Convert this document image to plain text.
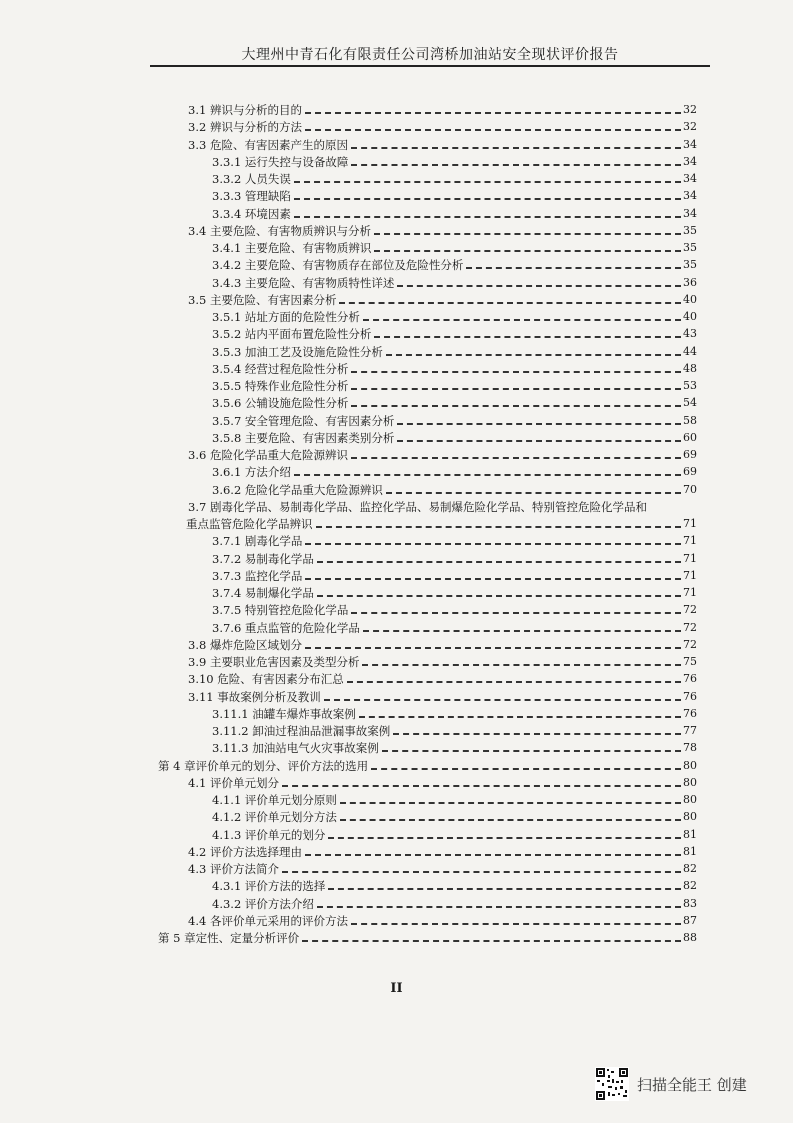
大理州中青石化有限责任公司湾桥加油站安全现状评价报告
3.1 辨识与分析的目的	32
3.2 辨识与分析的方法	32
3.3 危险、有害因素产生的原因	34
3.3.1 运行失控与设备故障	34
3.3.2 人员失误	34
3.3.3 管理缺陷	34
3.3.4 环境因素	34
3.4 主要危险、有害物质辨识与分析	35
3.4.1 主要危险、有害物质辨识	35
3.4.2 主要危险、有害物质存在部位及危险性分析	35
3.4.3 主要危险、有害物质特性详述	36
3.5 主要危险、有害因素分析	40
3.5.1 站址方面的危险性分析	40
3.5.2 站内平面布置危险性分析	43
3.5.3 加油工艺及设施危险性分析	44
3.5.4 经营过程危险性分析	48
3.5.5 特殊作业危险性分析	53
3.5.6 公辅设施危险性分析	54
3.5.7 安全管理危险、有害因素分析	58
3.5.8 主要危险、有害因素类别分析	60
3.6 危险化学品重大危险源辨识	69
3.6.1 方法介绍	69
3.6.2 危险化学品重大危险源辨识	70
3.7 剧毒化学品、易制毒化学品、监控化学品、易制爆危险化学品、特别管控危险化学品和
重点监管危险化学品辨识	71
3.7.1 剧毒化学品	71
3.7.2 易制毒化学品	71
3.7.3 监控化学品	71
3.7.4 易制爆化学品	71
3.7.5 特别管控危险化学品	72
3.7.6 重点监管的危险化学品	72
3.8 爆炸危险区域划分	72
3.9 主要职业危害因素及类型分析	75
3.10 危险、有害因素分布汇总	76
3.11 事故案例分析及教训	76
3.11.1 油罐车爆炸事故案例	76
3.11.2 卸油过程油品泄漏事故案例	77
3.11.3 加油站电气火灾事故案例	78
第 4 章评价单元的划分、评价方法的选用	80
4.1 评价单元划分	80
4.1.1 评价单元划分原则	80
4.1.2 评价单元划分方法	80
4.1.3 评价单元的划分	81
4.2 评价方法选择理由	81
4.3 评价方法简介	82
4.3.1 评价方法的选择	82
4.3.2 评价方法介绍	83
4.4 各评价单元采用的评价方法	87
第 5 章定性、定量分析评价	88
II
扫描全能王 创建
